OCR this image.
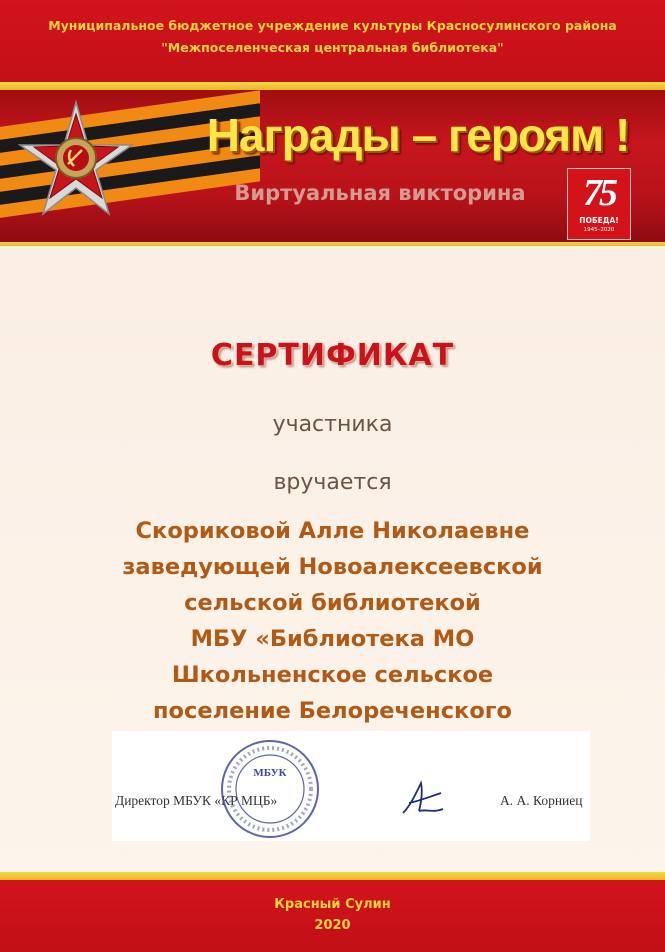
Муниципальное бюджетное учреждение культуры Красносулинского района
"Межпоселенческая центральная библиотека"
Награды – героям !
Виртуальная викторина	75
ПОБЕДА!
1945–2020
СЕРТИФИКАТ
участника
вручается
Скориковой Алле Николаевне
заведующей Новоалексеевской
сельской библиотекой
МБУ «Библиотека МО
Школьненское сельское
поселение Белореченского
Директор МБУК «КР МЦБ»
МБУК
А. А. Корниец
Красный Сулин
2020
